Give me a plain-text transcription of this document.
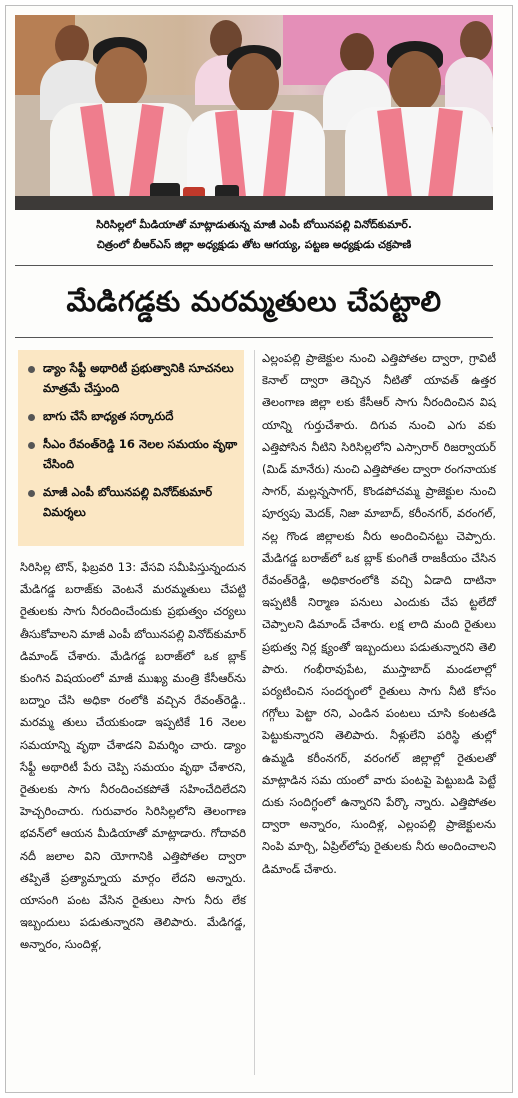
సిరిసిల్లలో మీడియాతో మాట్లాడుతున్న మాజీ ఎంపీ బోయినపల్లి వినోద్‌కుమార్.
చిత్రంలో బీఆర్ఎస్ జిల్లా అధ్యక్షుడు తోట ఆగయ్య, పట్టణ అధ్యక్షుడు చక్రపాణి
మేడిగడ్డకు మరమ్మతులు చేపట్టాలి
డ్యాం సేఫ్టీ అథారిటీ ప్రభుత్వానికి సూచనలు మాత్రమే చేస్తుంది
బాగు చేసే బాధ్యత సర్కారుదే
సీఎం రేవంత్‌రెడ్డి 16 నెలల సమయం వృథా చేసింది
మాజీ ఎంపీ బోయినపల్లి వినోద్‌కుమార్ విమర్శలు

సిరిసిల్ల టౌన్, ఫిబ్రవరి 13: వేసవి సమీపిస్తున్నందున మేడిగడ్డ బరాజ్‌కు వెంటనే మరమ్మతులు చేపట్టి రైతులకు సాగు నీరందించేందుకు ప్రభుత్వం చర్యలు తీసుకోవాలని మాజీ ఎంపీ బోయినపల్లి వినోద్‌కుమార్ డిమాండ్ చేశారు. మేడిగడ్డ బరాజ్‌లో ఒక బ్లాక్ కుంగిన విషయంలో మాజీ ముఖ్య మంత్రి కేసీఆర్‌ను బద్నాం చేసి అధికా రంలోకి వచ్చిన రేవంత్‌రెడ్డి.. మరమ్మ తులు చేయకుండా ఇప్పటికే 16 నెలల సమయాన్ని వృథా చేశాడని విమర్శిం చారు. డ్యాం సేఫ్టీ అథారిటీ పేరు చెప్పి సమయం వృథా చేశారని, రైతులకు సాగు నీరందించకపోతే సహించేదిలేదని హెచ్చరించారు. గురువారం సిరిసిల్లలోని తెలంగాణ భవన్‌లో ఆయన మీడియాతో మాట్లాడారు. గోదావరి నదీ జలాల విని యోగానికి ఎత్తిపోతల ద్వారా తప్పితే ప్రత్యామ్నాయ మార్గం లేదని అన్నారు. యాసంగి పంట వేసిన రైతులు సాగు నీరు లేక ఇబ్బందులు పడుతున్నారని తెలిపారు. మేడిగడ్డ, అన్నారం, సుందిళ్ల,

ఎల్లంపల్లి ప్రాజెక్టుల నుంచి ఎత్తిపోతల ద్వారా, గ్రావిటీ కెనాల్ ద్వారా తెచ్చిన నీటితో యావత్ ఉత్తర తెలంగాణ జిల్లా లకు కేసీఆర్ సాగు నీరందించిన విష యాన్ని గుర్తుచేశారు. దిగువ నుంచి ఎగు వకు ఎత్తిపోసిన నీటిని సిరిసిల్లలోని ఎస్సారార్ రిజర్వాయర్ (మిడ్ మానేరు) నుంచి ఎత్తిపోతల ద్వారా రంగనాయక సాగర్, మల్లన్నసాగర్, కొండపోచమ్మ ప్రాజెక్టుల నుంచి పూర్వపు మెదక్, నిజా మాబాద్, కరీంనగర్, వరంగల్, నల్ల గొండ జిల్లాలకు నీరు అందించినట్టు చెప్పారు. మేడిగడ్డ బరాజ్‌లో ఒక బ్లాక్ కుంగితే రాజకీయం చేసిన రేవంత్‌రెడ్డి, అధికారంలోకి వచ్చి ఏడాది దాటినా ఇప్పటికీ నిర్మాణ పనులు ఎందుకు చేప ట్టలేదో చెప్పాలని డిమాండ్ చేశారు. లక్ష లాది మంది రైతులు ప్రభుత్వ నిర్ల క్ష్యంతో ఇబ్బందులు పడుతున్నారని తెలి పారు. గంభీరావుపేట, ముస్తాబాద్ మండలాల్లో పర్యటించిన సందర్భంలో రైతులు సాగు నీటి కోసం గగ్గోలు పెట్టా రని, ఎండిన పంటలు చూసి కంటతడి పెట్టుకున్నారని తెలిపారు. నీళ్లులేని పరిస్థి తుల్లో ఉమ్మడి కరీంనగర్, వరంగల్ జిల్లాల్లో రైతులతో మాట్లాడిన సమ యంలో వారు పంటపై పెట్టుబడి పెట్టే దుకు సందిగ్ధంలో ఉన్నారని పేర్కొ న్నారు. ఎత్తిపోతల ద్వారా అన్నారం, సుందిళ్ల, ఎల్లంపల్లి ప్రాజెక్టులను నింపి మార్చి, ఏప్రిల్‌లోపు రైతులకు నీరు అందించాలని డిమాండ్ చేశారు.
